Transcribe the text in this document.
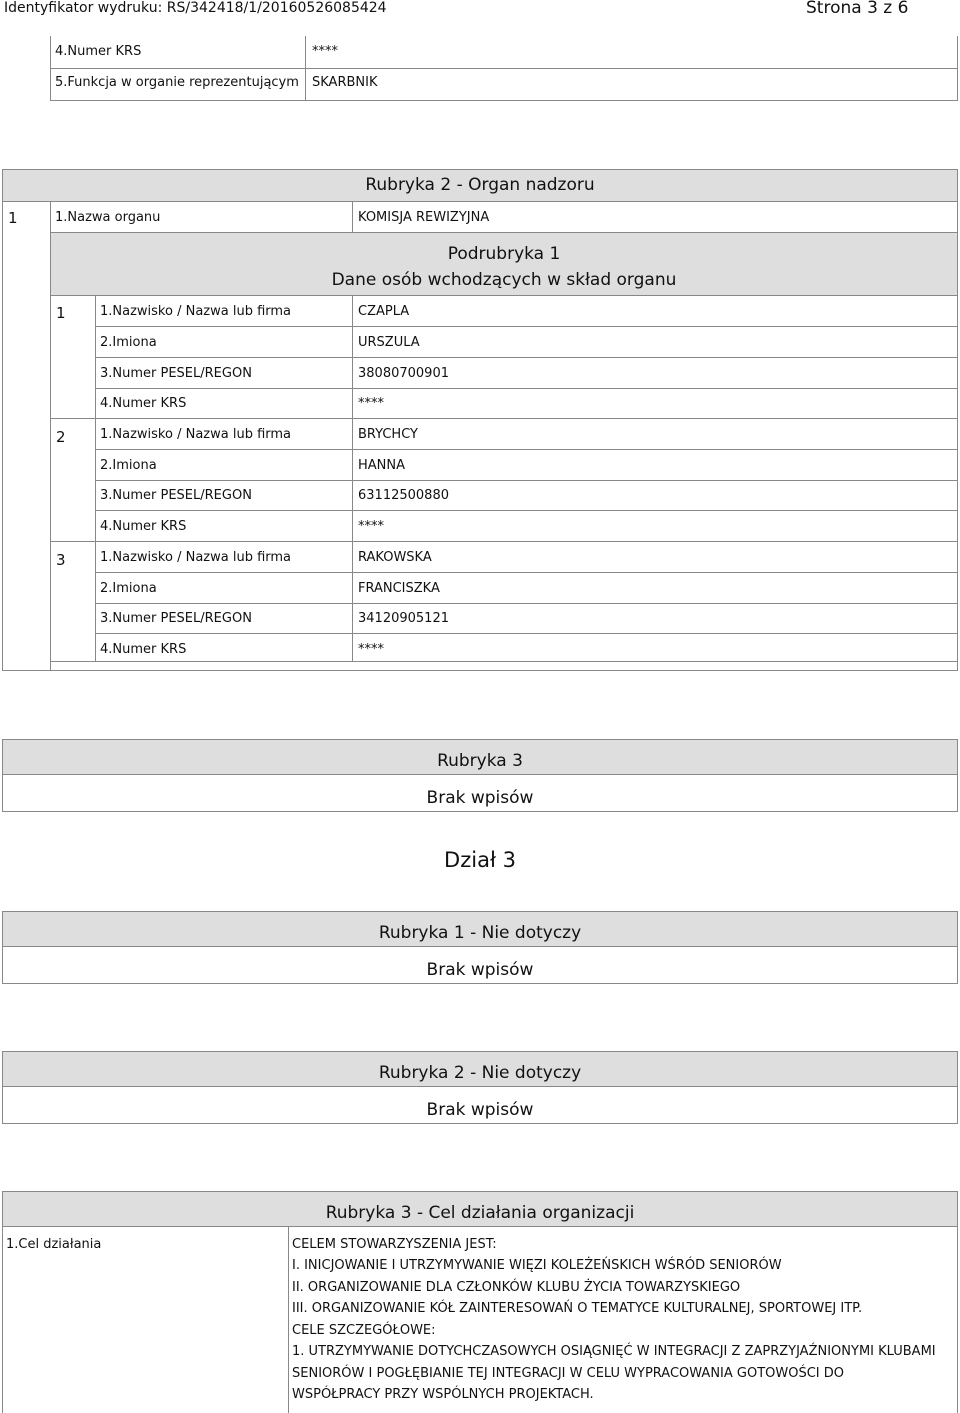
Identyfikator wydruku: RS/342418/1/20160526085424	Strona 3 z 6
4.Numer KRS	****
5.Funkcja w organie reprezentującym SKARBNIK
Rubryka 2 - Organ nadzoru
1	1.Nazwa organu	KOMISJA REWIZYJNA
Podrubryka 1
Dane osób wchodzących w skład organu
1	1.Nazwisko / Nazwa lub firma	CZAPLA
2.Imiona	URSZULA
3.Numer PESEL/REGON	38080700901
4.Numer KRS	****
2	1.Nazwisko / Nazwa lub firma	BRYCHCY
2.Imiona	HANNA
3.Numer PESEL/REGON	63112500880
4.Numer KRS	****
3	1.Nazwisko / Nazwa lub firma	RAKOWSKA
2.Imiona	FRANCISZKA
3.Numer PESEL/REGON	34120905121
4.Numer KRS	****
Rubryka 3
Brak wpisów
Dział 3
Rubryka 1 - Nie dotyczy
Brak wpisów
Rubryka 2 - Nie dotyczy
Brak wpisów
Rubryka 3 - Cel działania organizacji
1.Cel działania	CELEM STOWARZYSZENIA JEST:
I. INICJOWANIE I UTRZYMYWANIE WIĘZI KOLEŻEŃSKICH WŚRÓD SENIORÓW
II. ORGANIZOWANIE DLA CZŁONKÓW KLUBU ŻYCIA TOWARZYSKIEGO
III. ORGANIZOWANIE KÓŁ ZAINTERESOWAŃ O TEMATYCE KULTURALNEJ, SPORTOWEJ ITP.
CELE SZCZEGÓŁOWE:
1. UTRZYMYWANIE DOTYCHCZASOWYCH OSIĄGNIĘĆ W INTEGRACJI Z ZAPRZYJAŹNIONYMI KLUBAMI
SENIORÓW I POGŁĘBIANIE TEJ INTEGRACJI W CELU WYPRACOWANIA GOTOWOŚCI DO
WSPÓŁPRACY PRZY WSPÓLNYCH PROJEKTACH.
